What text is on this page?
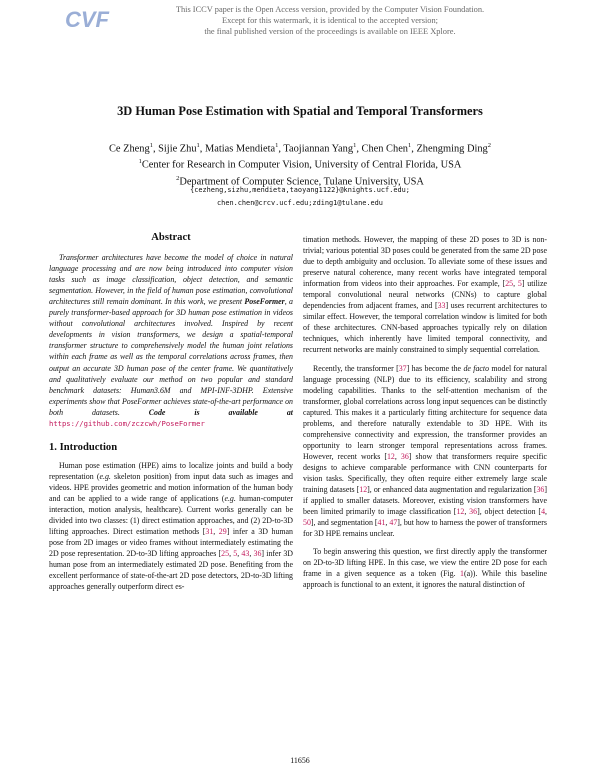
CVF	This ICCV paper is the Open Access version, provided by the Computer Vision Foundation.
Except for this watermark, it is identical to the accepted version;
the final published version of the proceedings is available on IEEE Xplore.
3D Human Pose Estimation with Spatial and Temporal Transformers
Ce Zheng$^1$, Sijie Zhu$^1$, Matias Mendieta$^1$, Taojiannan Yang$^1$, Chen Chen$^1$, Zhengming Ding$^2$
$^1$Center for Research in Computer Vision, University of Central Florida, USA
$^2$Department of Computer Science, Tulane University, USA
{cezheng,sizhu,mendieta,taoyang1122}@knights.ucf.edu;
chen.chen@crcv.ucf.edu;zding1@tulane.edu
Abstract

Transformer architectures have become the model of choice in natural language processing and are now being introduced into computer vision tasks such as image classification, object detection, and semantic segmentation. However, in the field of human pose estimation, convolutional architectures still remain dominant. In this work, we present PoseFormer, a purely transformer-based approach for 3D human pose estimation in videos without convolutional architectures involved. Inspired by recent developments in vision transformers, we design a spatial-temporal transformer structure to comprehensively model the human joint relations within each frame as well as the temporal correlations across frames, then output an accurate 3D human pose of the center frame. We quantitatively and qualitatively evaluate our method on two popular and standard benchmark datasets: Human3.6M and MPI-INF-3DHP. Extensive experiments show that PoseFormer achieves state-of-the-art performance on both datasets.	Code is available at https://github.com/zczcwh/PoseFormer

1. Introduction

Human pose estimation (HPE) aims to localize joints and build a body representation (e.g. skeleton position) from input data such as images and videos. HPE provides geometric and motion information of the human body and can be applied to a wide range of applications (e.g. human-computer interaction, motion analysis, healthcare). Current works generally can be divided into two classes: (1) direct estimation approaches, and (2) 2D-to-3D lifting approaches. Direct estimation methods [31, 29] infer a 3D human pose from 2D images or video frames without intermediately estimating the 2D pose representation. 2D-to-3D lifting approaches [25, 5, 43, 36] infer 3D human pose from an intermediately estimated 2D pose. Benefiting from the excellent performance of state-of-the-art 2D pose detectors, 2D-to-3D lifting approaches generally outperform direct es-

timation methods. However, the mapping of these 2D poses to 3D is non-trivial; various potential 3D poses could be generated from the same 2D pose due to depth ambiguity and occlusion. To alleviate some of these issues and preserve natural coherence, many recent works have integrated temporal information from videos into their approaches. For example, [25, 5] utilize temporal convolutional neural networks (CNNs) to capture global dependencies from adjacent frames, and [33] uses recurrent architectures to similar effect. However, the temporal correlation window is limited for both of these architectures. CNN-based approaches typically rely on dilation techniques, which inherently have limited temporal connectivity, and recurrent networks are mainly constrained to simply sequential correlation.

Recently, the transformer [37] has become the de facto model for natural language processing (NLP) due to its efficiency, scalability and strong modeling capabilities. Thanks to the self-attention mechanism of the transformer, global correlations across long input sequences can be distinctly captured. This makes it a particularly fitting architecture for sequence data problems, and therefore naturally extendable to 3D HPE. With its comprehensive connectivity and expression, the transformer provides an opportunity to learn stronger temporal representations across frames. However, recent works [12, 36] show that transformers require specific designs to achieve comparable performance with CNN counterparts for vision tasks. Specifically, they often require either extremely large scale training datasets [12], or enhanced data augmentation and regularization [36] if applied to smaller datasets. Moreover, existing vision transformers have been limited primarily to image classification [12, 36], object detection [4, 50], and segmentation [41, 47], but how to harness the power of transformers for 3D HPE remains unclear.

To begin answering this question, we first directly apply the transformer on 2D-to-3D lifting HPE. In this case, we view the entire 2D pose for each frame in a given sequence as a token (Fig. 1(a)). While this baseline approach is functional to an extent, it ignores the natural distinction of

11656
